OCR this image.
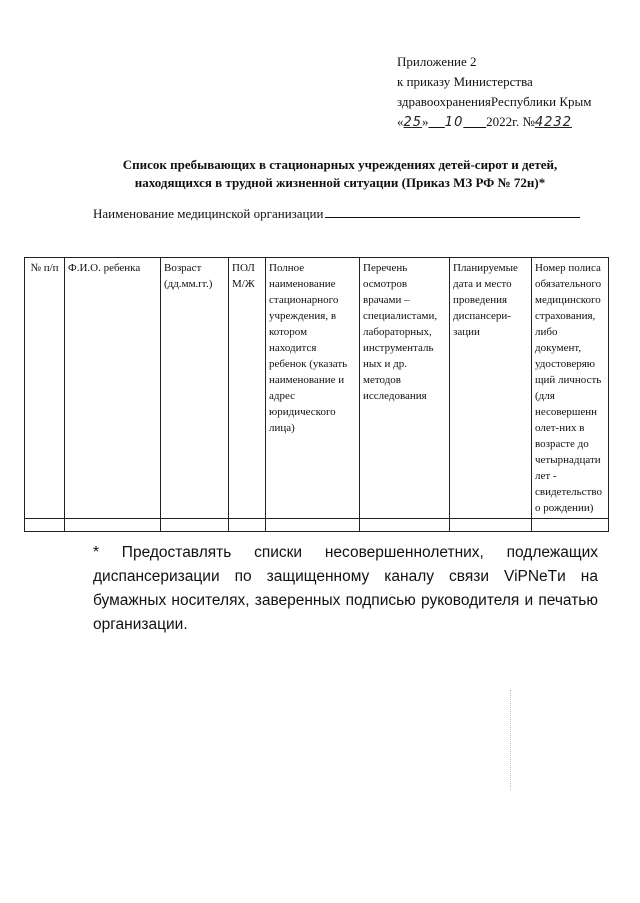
Приложение 2
к приказу Министерства
здравоохраненияРеспублики Крым
«25» 10 2022г. №4232
Список пребывающих в стационарных учреждениях детей-сирот и детей,
находящихся в трудной жизненной ситуации (Приказ МЗ РФ № 72н)*
Наименование медицинской организации
№ п/п	Ф.И.О. ребенка	Возраст (дд.мм.гг.)	ПОЛ М/Ж	Полное наименование стационарного учреждения, в котором находится ребенок (указать наименование и адрес юридического лица)	Перечень осмотров врачами – специалистами, лабораторных, инструменталь ных и др. методов исследования	Планируемые дата и место проведения диспансери- зации	Номер полиса обязательного медицинского страхования, либо документ, удостоверяю щий личность (для несовершенн олет-них в возрасте до четырнадцати лет - свидетельство о рождении)

* Предоставлять списки несовершеннолетних, подлежащих диспансеризации по защищенному каналу связи ViPNeTи на бумажных носителях, заверенных подписью руководителя и печатью организации.
